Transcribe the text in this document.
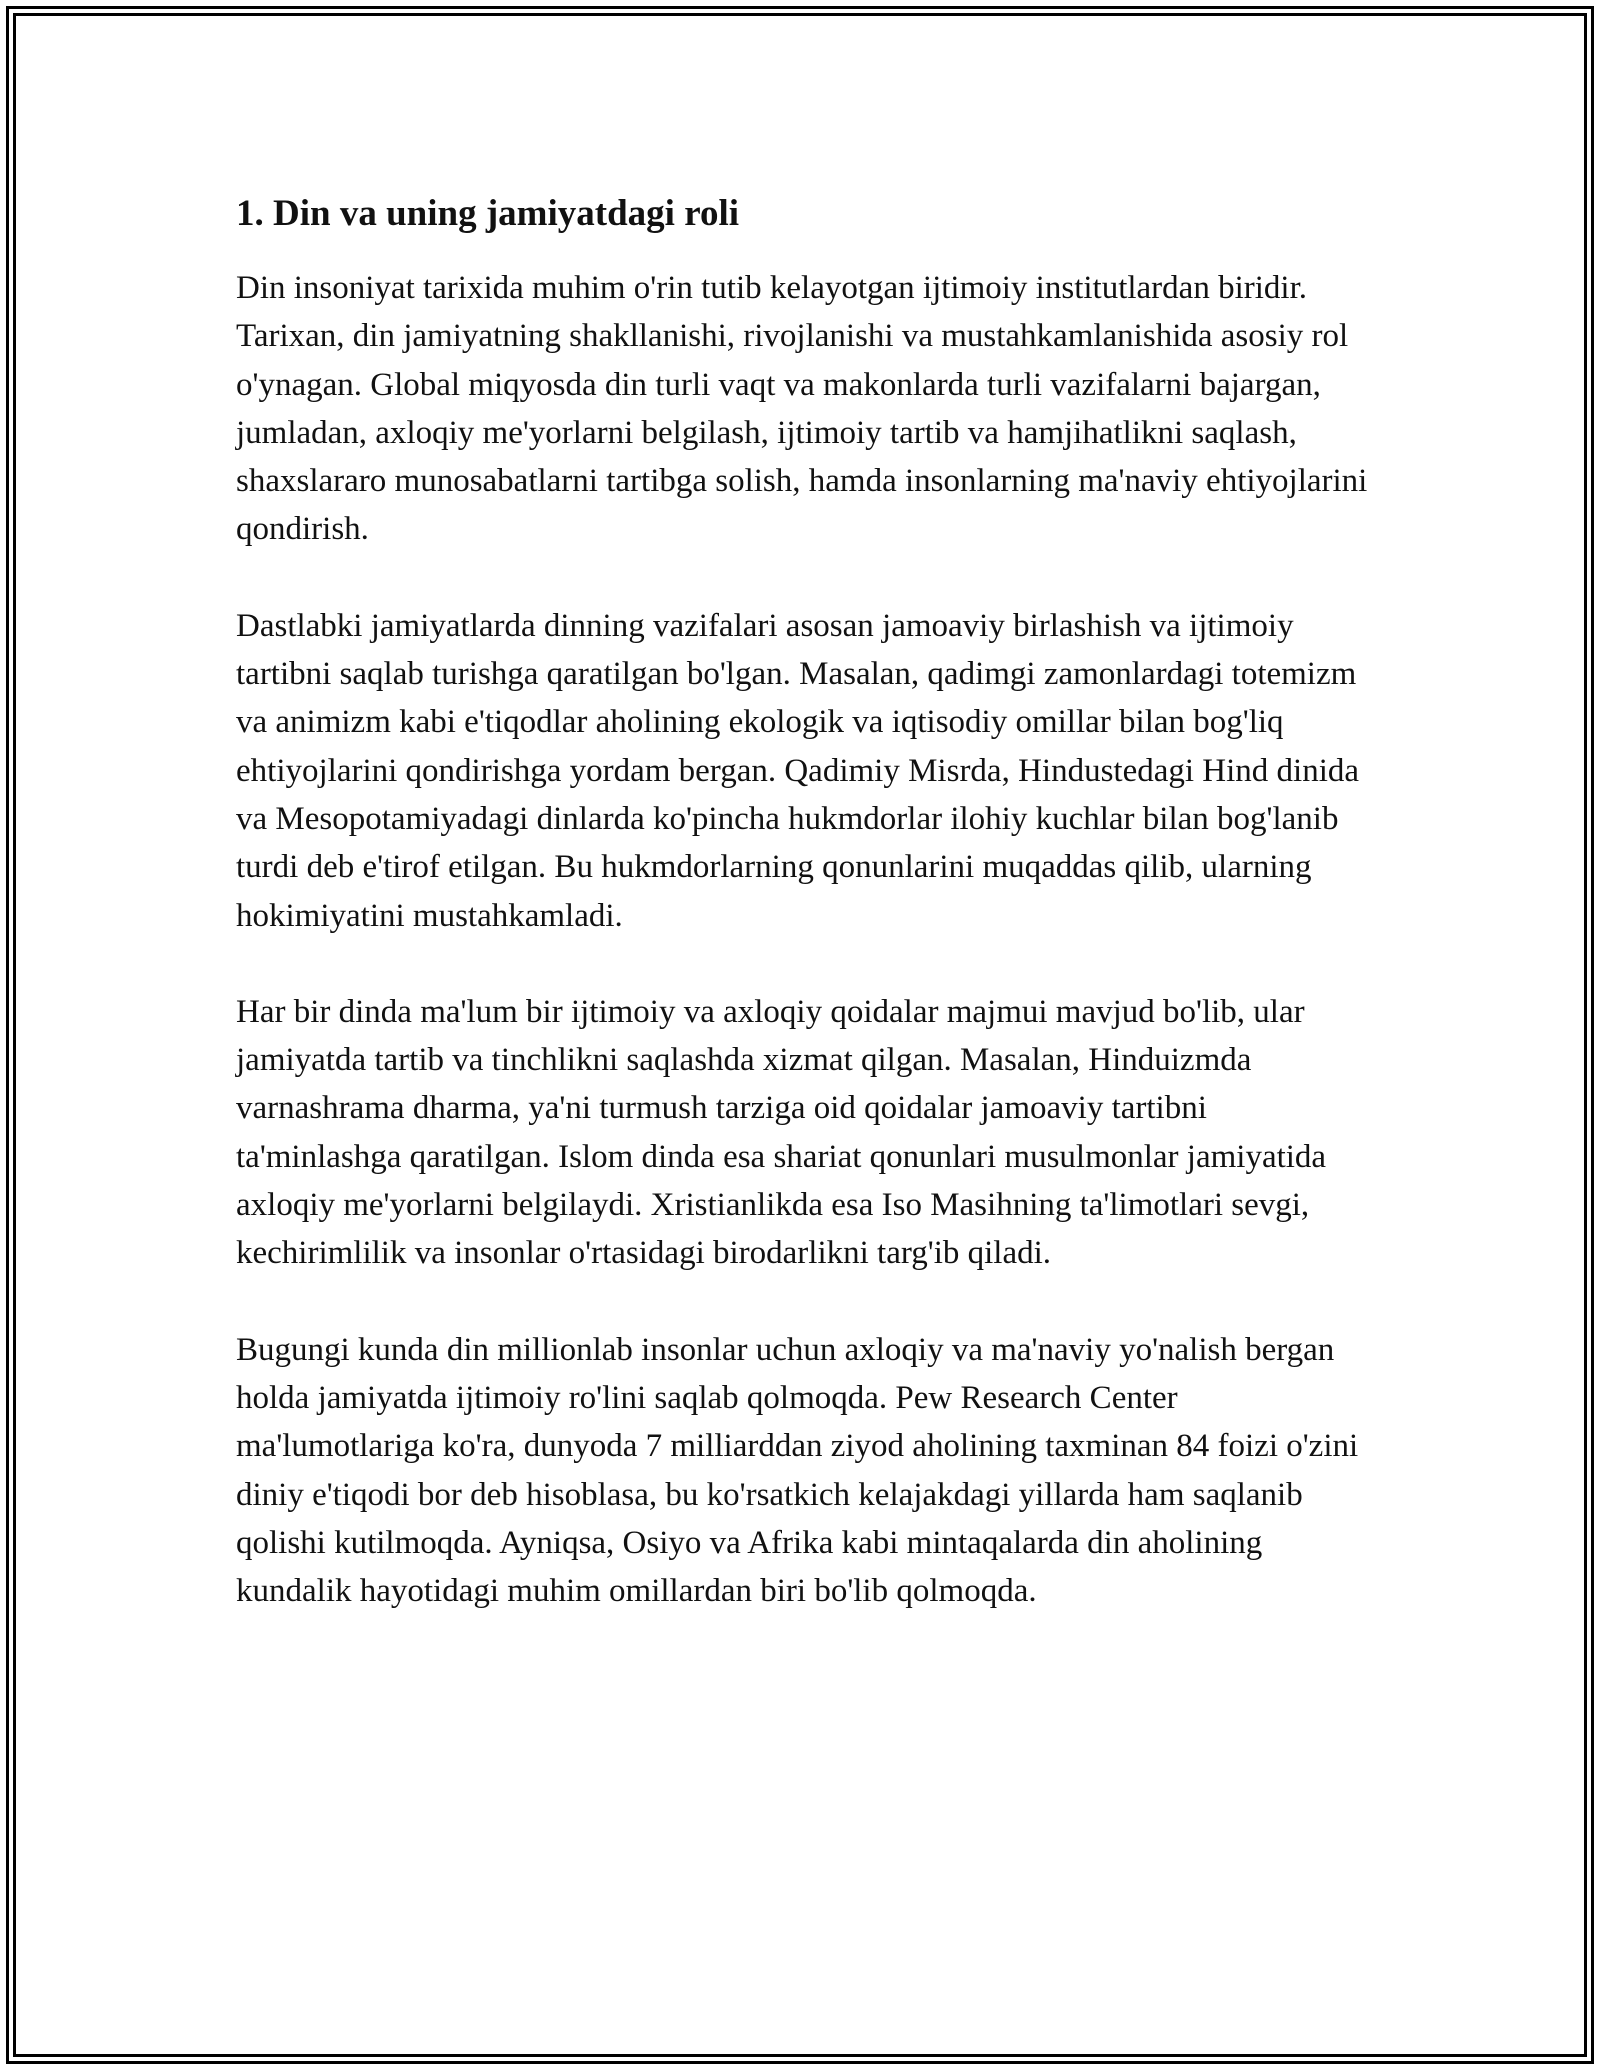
1. Din va uning jamiyatdagi roli

Din insoniyat tarixida muhim o'rin tutib kelayotgan ijtimoiy institutlardan biridir. Tarixan, din jamiyatning shakllanishi, rivojlanishi va mustahkamlanishida asosiy rol o'ynagan. Global miqyosda din turli vaqt va makonlarda turli vazifalarni bajargan, jumladan, axloqiy me'yorlarni belgilash, ijtimoiy tartib va hamjihatlikni saqlash, shaxslararo munosabatlarni tartibga solish, hamda insonlarning ma'naviy ehtiyojlarini qondirish.

Dastlabki jamiyatlarda dinning vazifalari asosan jamoaviy birlashish va ijtimoiy tartibni saqlab turishga qaratilgan bo'lgan. Masalan, qadimgi zamonlardagi totemizm va animizm kabi e'tiqodlar aholining ekologik va iqtisodiy omillar bilan bog'liq ehtiyojlarini qondirishga yordam bergan. Qadimiy Misrda, Hindustedagi Hind dinida va Mesopotamiyadagi dinlarda ko'pincha hukmdorlar ilohiy kuchlar bilan bog'lanib turdi deb e'tirof etilgan. Bu hukmdorlarning qonunlarini muqaddas qilib, ularning hokimiyatini mustahkamladi.

Har bir dinda ma'lum bir ijtimoiy va axloqiy qoidalar majmui mavjud bo'lib, ular jamiyatda tartib va tinchlikni saqlashda xizmat qilgan. Masalan, Hinduizmda varnashrama dharma, ya'ni turmush tarziga oid qoidalar jamoaviy tartibni ta'minlashga qaratilgan. Islom dinda esa shariat qonunlari musulmonlar jamiyatida axloqiy me'yorlarni belgilaydi. Xristianlikda esa Iso Masihning ta'limotlari sevgi, kechirimlilik va insonlar o'rtasidagi birodarlikni targ'ib qiladi.

Bugungi kunda din millionlab insonlar uchun axloqiy va ma'naviy yo'nalish bergan holda jamiyatda ijtimoiy ro'lini saqlab qolmoqda. Pew Research Center ma'lumotlariga ko'ra, dunyoda 7 milliarddan ziyod aholining taxminan 84 foizi o'zini diniy e'tiqodi bor deb hisoblasa, bu ko'rsatkich kelajakdagi yillarda ham saqlanib qolishi kutilmoqda. Ayniqsa, Osiyo va Afrika kabi mintaqalarda din aholining kundalik hayotidagi muhim omillardan biri bo'lib qolmoqda.
